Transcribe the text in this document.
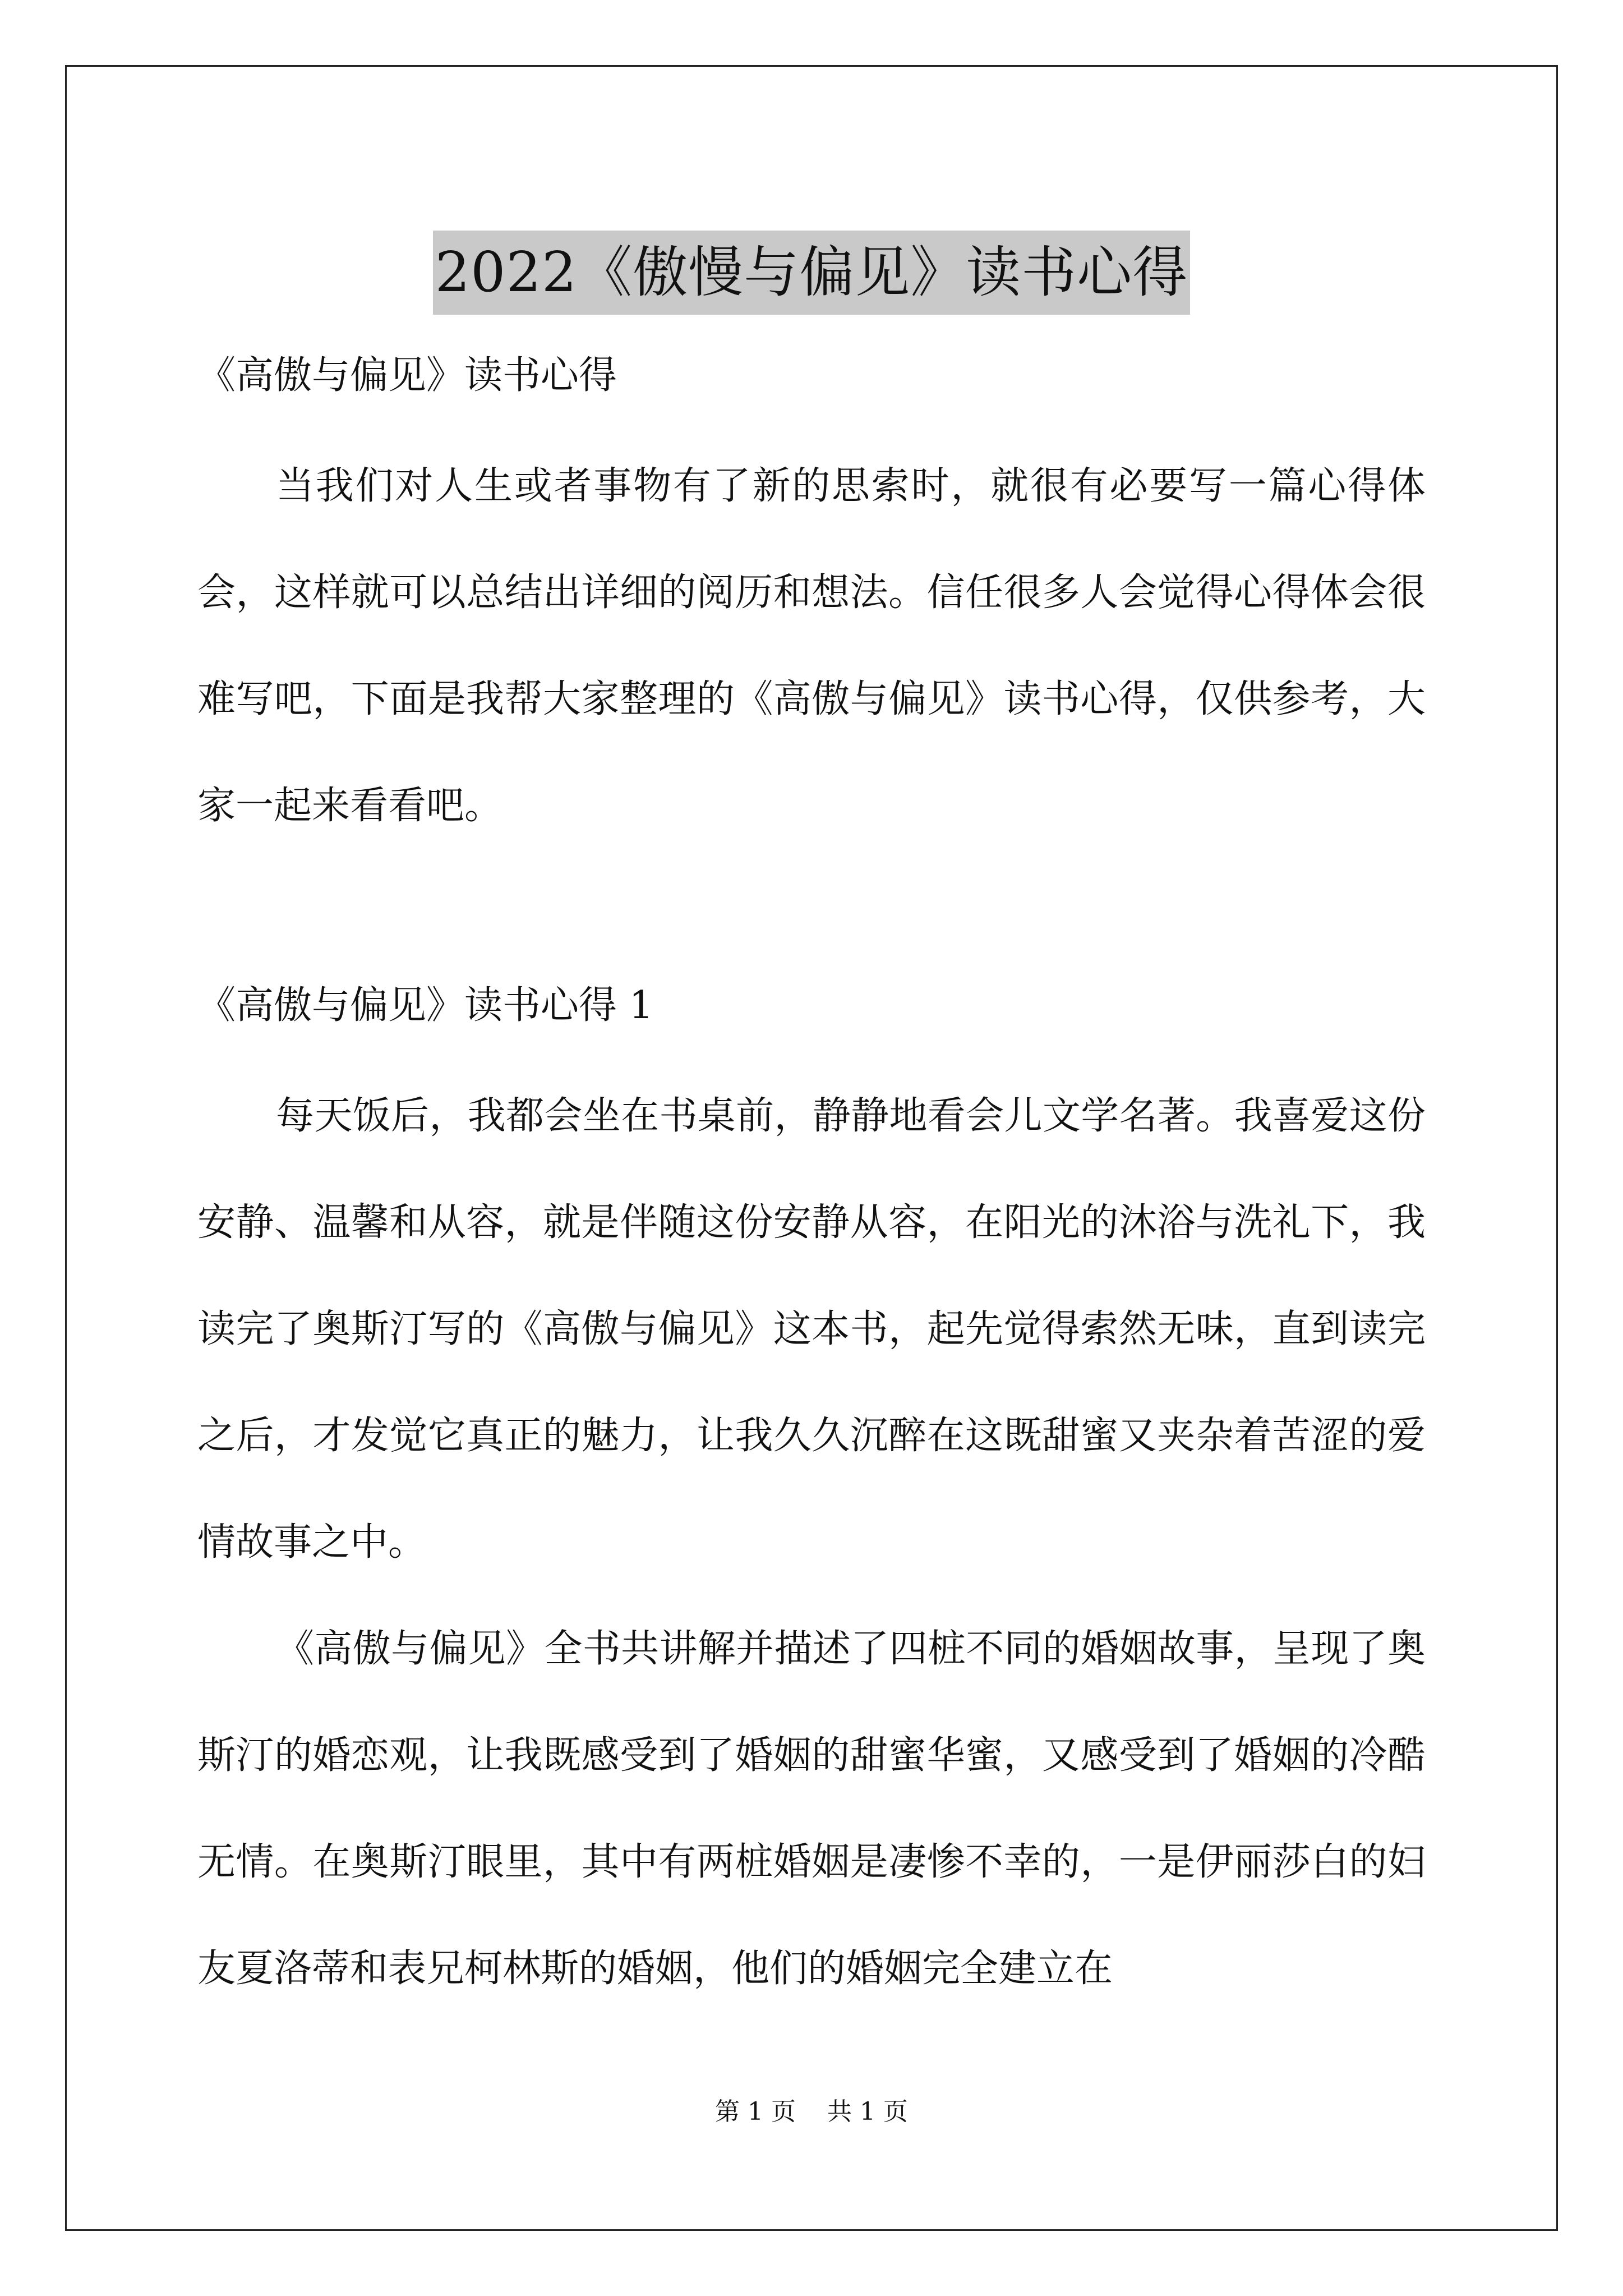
2022《傲慢与偏见》读书心得

《高傲与偏见》读书心得

当我们对人生或者事物有了新的思索时，就很有必要写一篇心得体会，这样就可以总结出详细的阅历和想法。信任很多人会觉得心得体会很难写吧，下面是我帮大家整理的《高傲与偏见》读书心得，仅供参考，大家一起来看看吧。

《高傲与偏见》读书心得 1

每天饭后，我都会坐在书桌前，静静地看会儿文学名著。我喜爱这份安静、温馨和从容，就是伴随这份安静从容，在阳光的沐浴与洗礼下，我读完了奥斯汀写的《高傲与偏见》这本书，起先觉得索然无味，直到读完之后，才发觉它真正的魅力，让我久久沉醉在这既甜蜜又夹杂着苦涩的爱情故事之中。

《高傲与偏见》全书共讲解并描述了四桩不同的婚姻故事，呈现了奥斯汀的婚恋观，让我既感受到了婚姻的甜蜜华蜜，又感受到了婚姻的冷酷无情。在奥斯汀眼里，其中有两桩婚姻是凄惨不幸的，一是伊丽莎白的妇友夏洛蒂和表兄柯林斯的婚姻，他们的婚姻完全建立在

第 1 页    共 1 页
